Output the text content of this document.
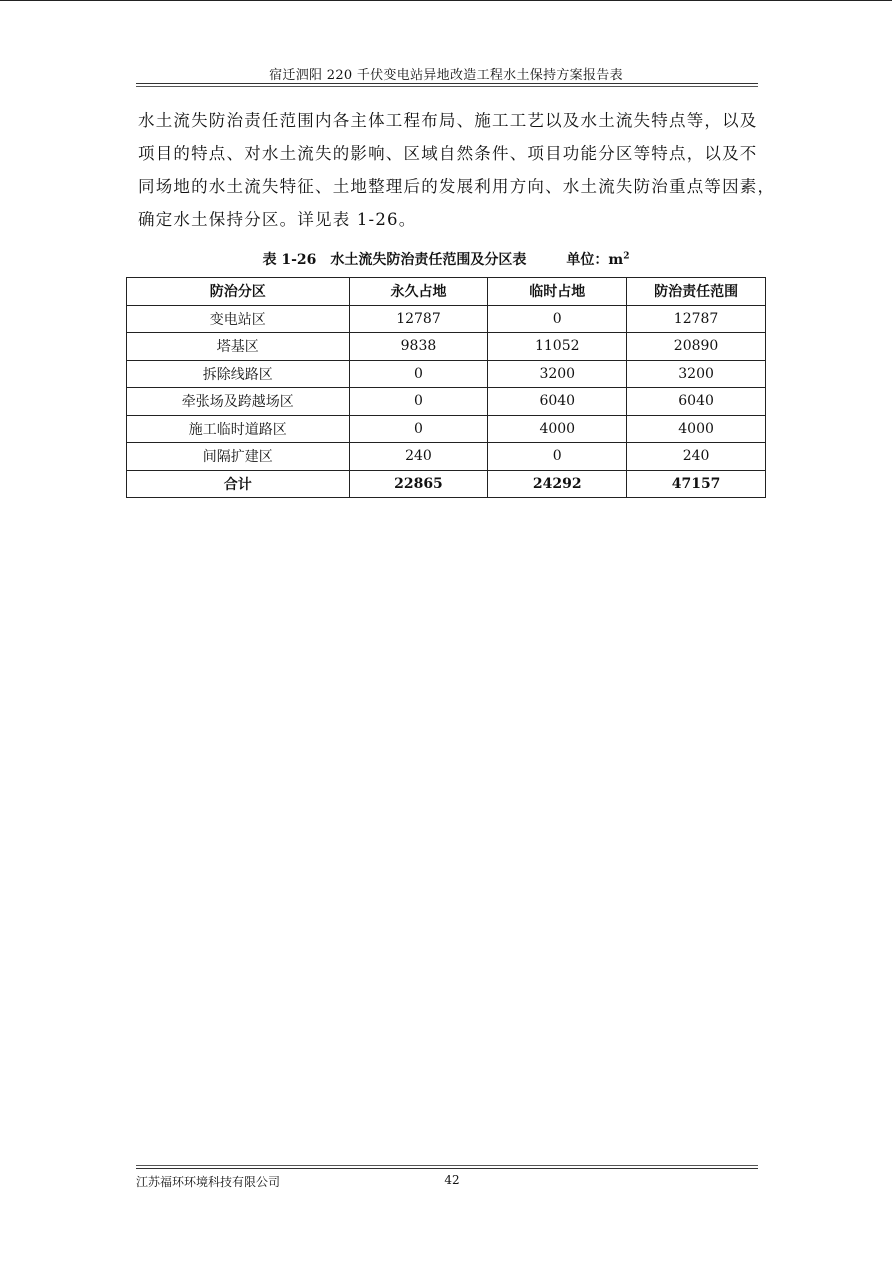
宿迁泗阳 220 千伏变电站异地改造工程水土保持方案报告表

水土流失防治责任范围内各主体工程布局、施工工艺以及水土流失特点等，以及

项目的特点、对水土流失的影响、区域自然条件、项目功能分区等特点，以及不

同场地的水土流失特征、土地整理后的发展利用方向、水土流失防治重点等因素，

确定水土保持分区。详见表 1-26。

表 1-26 水土流失防治责任范围及分区表	单位：$m^2$
防治分区	永久占地	临时占地	防治责任范围
变电站区	12787	0	12787
塔基区	9838	11052	20890
拆除线路区	0	3200	3200
牵张场及跨越场区	0	6040	6040
施工临时道路区	0	4000	4000
间隔扩建区	240	0	240
合计	22865	24292	47157
江苏福环环境科技有限公司	42
